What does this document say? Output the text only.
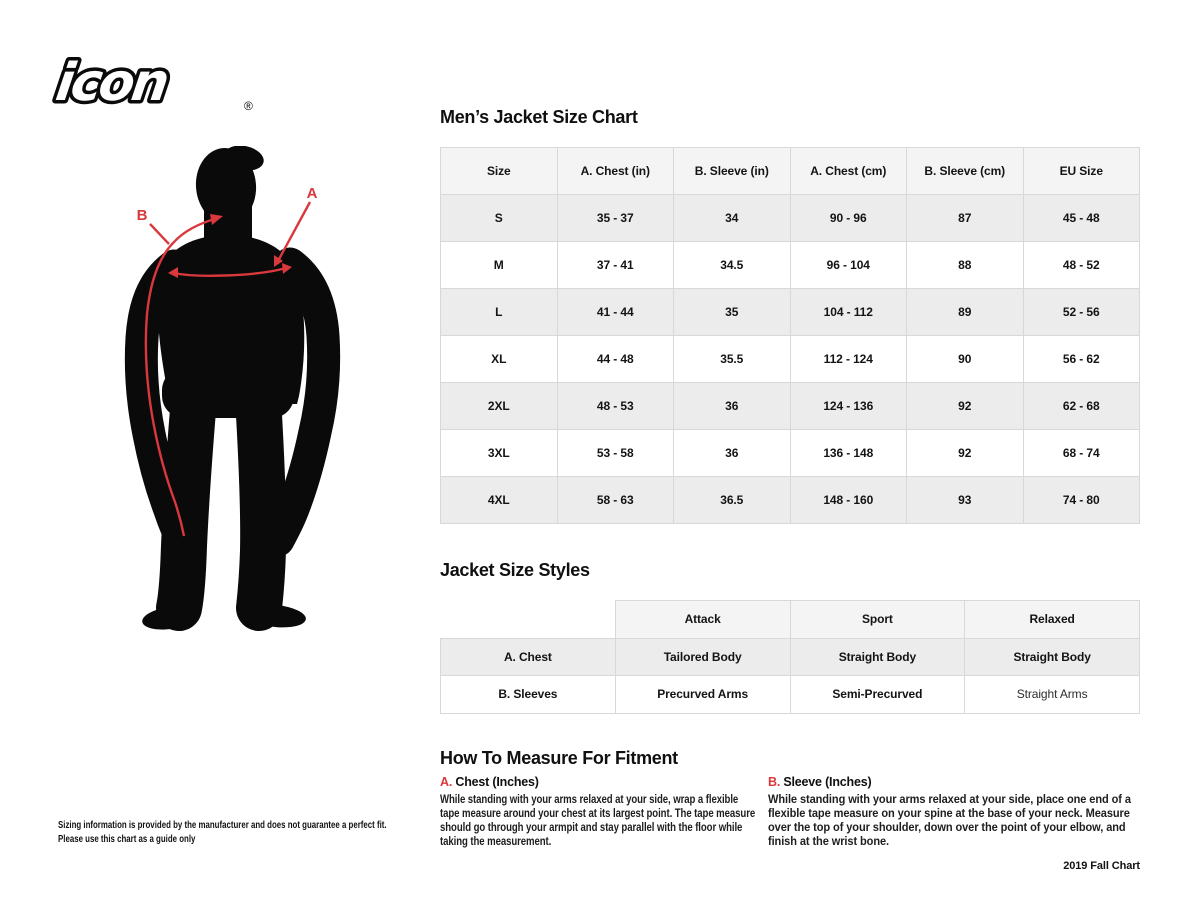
icon	®
A
B
Men’s Jacket Size Chart
Size	A. Chest (in)	B. Sleeve (in)	A. Chest (cm)	B. Sleeve (cm)	EU Size
S	35 - 37	34	90 - 96	87	45 - 48
M	37 - 41	34.5	96 - 104	88	48 - 52
L	41 - 44	35	104 - 112	89	52 - 56
XL	44 - 48	35.5	112 - 124	90	56 - 62
2XL	48 - 53	36	124 - 136	92	62 - 68
3XL	53 - 58	36	136 - 148	92	68 - 74
4XL	58 - 63	36.5	148 - 160	93	74 - 80
Jacket Size Styles
	Attack	Sport	Relaxed
A. Chest	Tailored Body	Straight Body	Straight Body
B. Sleeves	Precurved Arms	Semi-Precurved	Straight Arms
How To Measure For Fitment
A. Chest (Inches)
While standing with your arms relaxed at your side, wrap a flexible tape measure around your chest at its largest point. The tape measure should go through your armpit and stay parallel with the floor while taking the measurement.
B. Sleeve (Inches)
While standing with your arms relaxed at your side, place one end of a flexible tape measure on your spine at the base of your neck. Measure over the top of your shoulder, down over the point of your elbow, and finish at the wrist bone.
Sizing information is provided by the manufacturer and does not guarantee a perfect fit.
Please use this chart as a guide only
2019 Fall Chart
